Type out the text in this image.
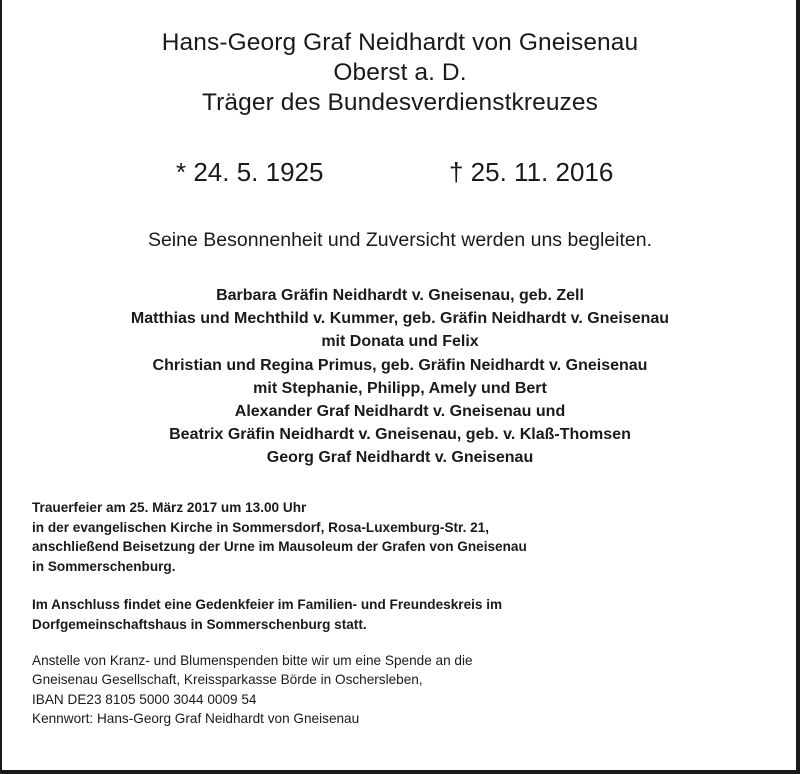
Hans-Georg Graf Neidhardt von Gneisenau
Oberst a. D.
Träger des Bundesverdienstkreuzes
* 24. 5. 1925	† 25. 11. 2016
Seine Besonnenheit und Zuversicht werden uns begleiten.
Barbara Gräfin Neidhardt v. Gneisenau, geb. Zell
Matthias und Mechthild v. Kummer, geb. Gräfin Neidhardt v. Gneisenau
mit Donata und Felix
Christian und Regina Primus, geb. Gräfin Neidhardt v. Gneisenau
mit Stephanie, Philipp, Amely und Bert
Alexander Graf Neidhardt v. Gneisenau und
Beatrix Gräfin Neidhardt v. Gneisenau, geb. v. Klaß-Thomsen
Georg Graf Neidhardt v. Gneisenau
Trauerfeier am 25. März 2017 um 13.00 Uhr
in der evangelischen Kirche in Sommersdorf, Rosa-Luxemburg-Str. 21,
anschließend Beisetzung der Urne im Mausoleum der Grafen von Gneisenau
in Sommerschenburg.
Im Anschluss findet eine Gedenkfeier im Familien- und Freundeskreis im
Dorfgemeinschaftshaus in Sommerschenburg statt.
Anstelle von Kranz- und Blumenspenden bitte wir um eine Spende an die
Gneisenau Gesellschaft, Kreissparkasse Börde in Oschersleben,
IBAN DE23 8105 5000 3044 0009 54
Kennwort: Hans-Georg Graf Neidhardt von Gneisenau
